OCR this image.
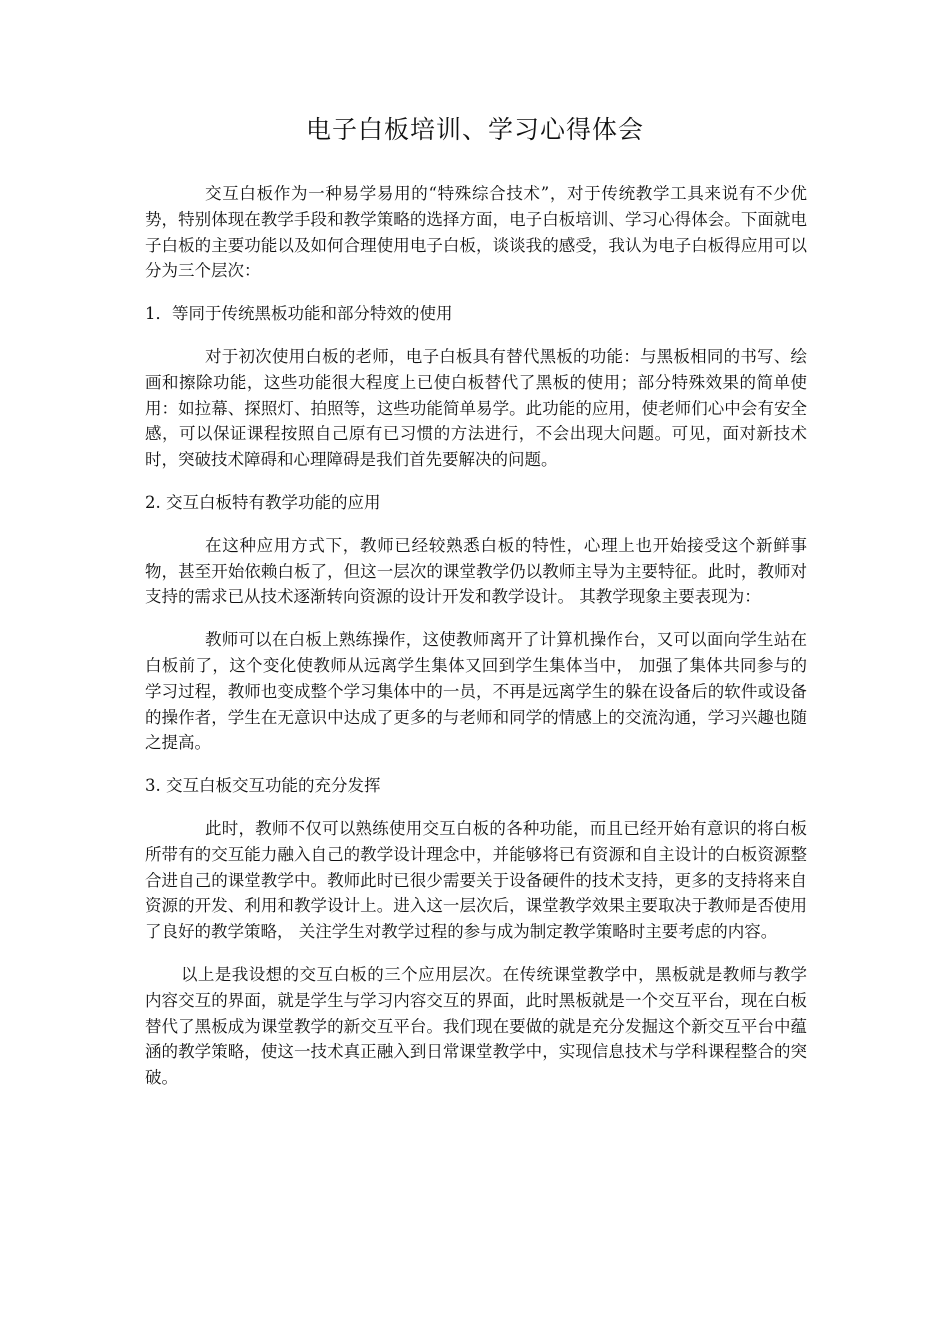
电子白板培训、学习心得体会

交互白板作为一种易学易用的“特殊综合技术”，对于传统教学工具来说有不少优势，特别体现在教学手段和教学策略的选择方面，电子白板培训、学习心得体会。下面就电子白板的主要功能以及如何合理使用电子白板，谈谈我的感受，我认为电子白板得应用可以分为三个层次：

1．等同于传统黑板功能和部分特效的使用

对于初次使用白板的老师，电子白板具有替代黑板的功能：与黑板相同的书写、绘画和擦除功能，这些功能很大程度上已使白板替代了黑板的使用；部分特殊效果的简单使用：如拉幕、探照灯、拍照等，这些功能简单易学。此功能的应用，使老师们心中会有安全感，可以保证课程按照自己原有已习惯的方法进行，不会出现大问题。可见，面对新技术时，突破技术障碍和心理障碍是我们首先要解决的问题。

2. 交互白板特有教学功能的应用

在这种应用方式下，教师已经较熟悉白板的特性，心理上也开始接受这个新鲜事物，甚至开始依赖白板了，但这一层次的课堂教学仍以教师主导为主要特征。此时，教师对支持的需求已从技术逐渐转向资源的设计开发和教学设计。 其教学现象主要表现为：

教师可以在白板上熟练操作，这使教师离开了计算机操作台，又可以面向学生站在白板前了，这个变化使教师从远离学生集体又回到学生集体当中， 加强了集体共同参与的学习过程，教师也变成整个学习集体中的一员，不再是远离学生的躲在设备后的软件或设备的操作者，学生在无意识中达成了更多的与老师和同学的情感上的交流沟通，学习兴趣也随之提高。

3. 交互白板交互功能的充分发挥

此时，教师不仅可以熟练使用交互白板的各种功能，而且已经开始有意识的将白板所带有的交互能力融入自己的教学设计理念中，并能够将已有资源和自主设计的白板资源整合进自己的课堂教学中。教师此时已很少需要关于设备硬件的技术支持，更多的支持将来自资源的开发、利用和教学设计上。进入这一层次后，课堂教学效果主要取决于教师是否使用了良好的教学策略， 关注学生对教学过程的参与成为制定教学策略时主要考虑的内容。

以上是我设想的交互白板的三个应用层次。在传统课堂教学中，黑板就是教师与教学内容交互的界面，就是学生与学习内容交互的界面，此时黑板就是一个交互平台，现在白板替代了黑板成为课堂教学的新交互平台。我们现在要做的就是充分发掘这个新交互平台中蕴涵的教学策略，使这一技术真正融入到日常课堂教学中，实现信息技术与学科课程整合的突破。
